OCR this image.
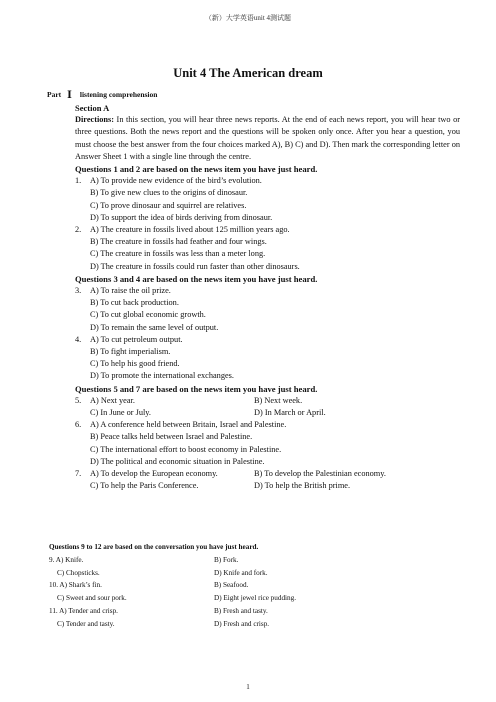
（新）大学英语unit 4测试题
Unit 4 The American dream
Part Ⅰ listening comprehension
Section A
Directions: In this section, you will hear three news reports. At the end of each news report, you will hear two or three questions. Both the news report and the questions will be spoken only once. After you hear a question, you must choose the best answer from the four choices marked A), B) C) and D). Then mark the corresponding letter on Answer Sheet 1 with a single line through the centre.
Questions 1 and 2 are based on the news item you have just heard.
1.	A) To provide new evidence of the bird’s evolution.
B) To give new clues to the origins of dinosaur.
C) To prove dinosaur and squirrel are relatives.
D) To support the idea of birds deriving from dinosaur.
2.	A) The creature in fossils lived about 125 million years ago.
B) The creature in fossils had feather and four wings.
C) The creature in fossils was less than a meter long.
D) The creature in fossils could run faster than other dinosaurs.
Questions 3 and 4 are based on the news item you have just heard.
3.	A) To raise the oil prize.
B) To cut back production.
C) To cut global economic growth.
D) To remain the same level of output.
4.	A) To cut petroleum output.
B) To fight imperialism.
C) To help his good friend.
D) To promote the international exchanges.
Questions 5 and 7 are based on the news item you have just heard.
5.	A) Next year.	B) Next week.
C) In June or July.	D) In March or April.
6.	A) A conference held between Britain, Israel and Palestine.
B) Peace talks held between Israel and Palestine.
C) The international effort to boost economy in Palestine.
D) The political and economic situation in Palestine.
7.	A) To develop the European economy.	B) To develop the Palestinian economy.
C) To help the Paris Conference.	D) To help the British prime.
Questions 9 to 12 are based on the conversation you have just heard.
9. A) Knife.	B) Fork.
C) Chopsticks.	D) Knife and fork.
10. A) Shark’s fin.	B) Seafood.
C) Sweet and sour pork.	D) Eight jewel rice pudding.
11. A) Tender and crisp.	B) Fresh and tasty.
C) Tender and tasty.	D) Fresh and crisp.
1
